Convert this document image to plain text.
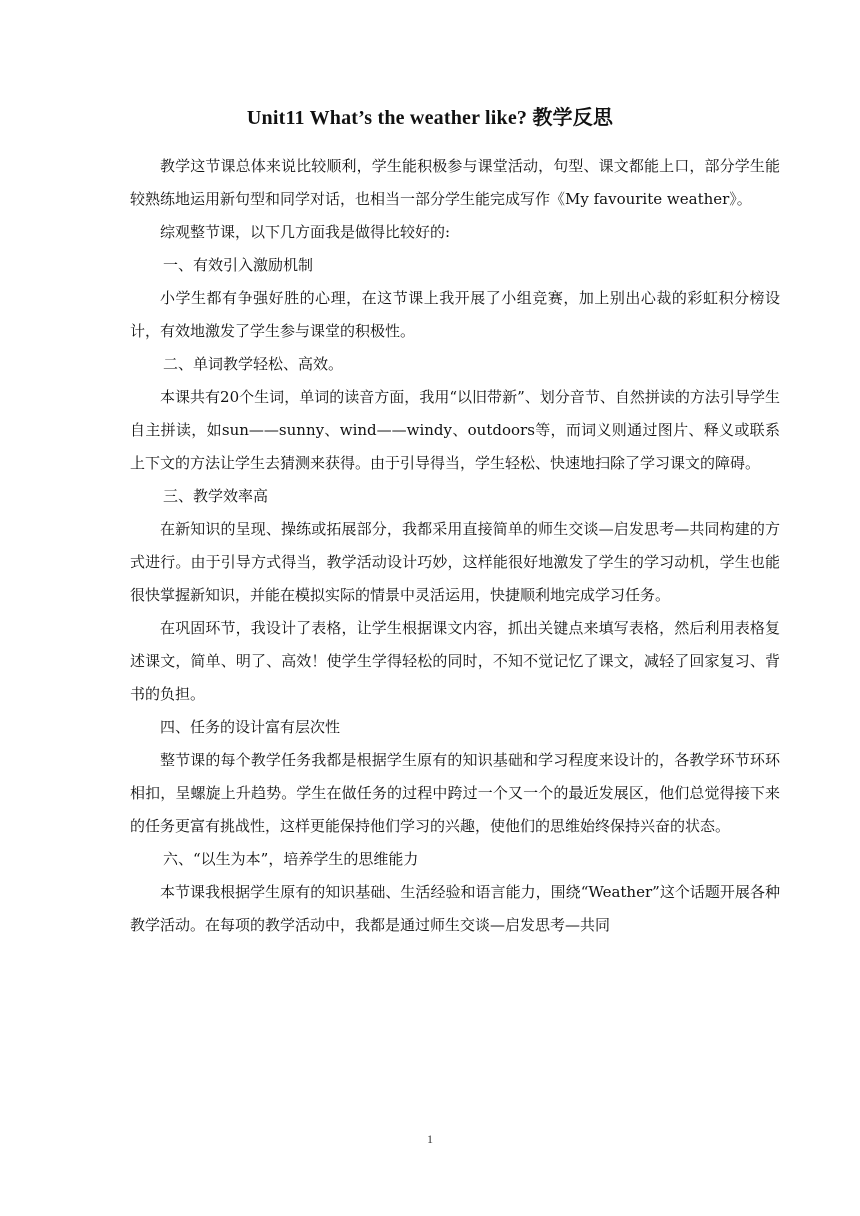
Unit11 What’s the weather like? 教学反思

教学这节课总体来说比较顺利，学生能积极参与课堂活动，句型、课文都能上口，部分学生能较熟练地运用新句型和同学对话，也相当一部分学生能完成写作《My favourite weather》。

综观整节课，以下几方面我是做得比较好的:

一、有效引入激励机制

小学生都有争强好胜的心理，在这节课上我开展了小组竞赛，加上别出心裁的彩虹积分榜设计，有效地激发了学生参与课堂的积极性。

二、单词教学轻松、高效。

本课共有20个生词，单词的读音方面，我用“以旧带新”、划分音节、自然拼读的方法引导学生自主拼读，如sun——sunny、wind——windy、outdoors等，而词义则通过图片、释义或联系上下文的方法让学生去猜测来获得。由于引导得当，学生轻松、快速地扫除了学习课文的障碍。

三、教学效率高

在新知识的呈现、操练或拓展部分，我都采用直接简单的师生交谈—启发思考—共同构建的方式进行。由于引导方式得当，教学活动设计巧妙，这样能很好地激发了学生的学习动机，学生也能很快掌握新知识，并能在模拟实际的情景中灵活运用，快捷顺利地完成学习任务。

在巩固环节，我设计了表格，让学生根据课文内容，抓出关键点来填写表格，然后利用表格复述课文，简单、明了、高效！使学生学得轻松的同时，不知不觉记忆了课文，减轻了回家复习、背书的负担。

四、任务的设计富有层次性

整节课的每个教学任务我都是根据学生原有的知识基础和学习程度来设计的，各教学环节环环相扣，呈螺旋上升趋势。学生在做任务的过程中跨过一个又一个的最近发展区，他们总觉得接下来的任务更富有挑战性，这样更能保持他们学习的兴趣，使他们的思维始终保持兴奋的状态。

六、“以生为本”，培养学生的思维能力

本节课我根据学生原有的知识基础、生活经验和语言能力，围绕“Weather”这个话题开展各种教学活动。在每项的教学活动中，我都是通过师生交谈—启发思考—共同

1
